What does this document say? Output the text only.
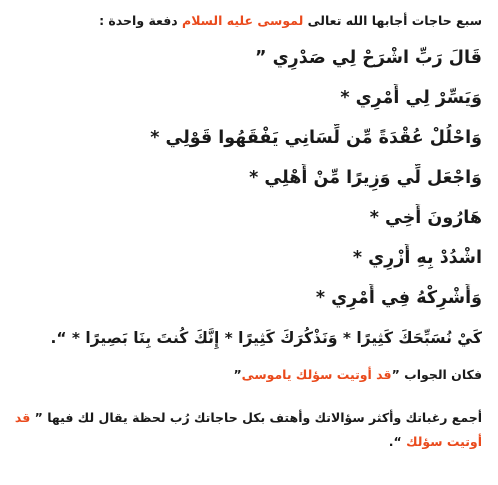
سبع حاجات أجابها الله تعالى لموسى عليه السلام دفعة واحدة :
قَالَ رَبِّ اشْرَحْ لِي صَدْرِي ”
وَيَسِّرْ لِي أَمْرِي *
وَاحْلُلْ عُقْدَةً مِّن لِّسَانِي يَفْقَهُوا قَوْلِي *
وَاجْعَل لِّي وَزِيرًا مِّنْ أَهْلِي *
هَارُونَ أَخِي *
اشْدُدْ بِهِ أَزْرِي *
وَأَشْرِكْهُ فِي أَمْرِي *
كَيْ نُسَبِّحَكَ كَثِيرًا * وَنَذْكُرَكَ كَثِيرًا * إِنَّكَ كُنتَ بِنَا بَصِيرًا * “.
فكان الجواب ”قد أوتيت سؤلك ياموسى”
أجمع رغباتك وأكثر سؤالاتك وأهتف بكل حاجاتك رُب لحظة يقال لك فيها ” قد
أوتيت سؤلك “.
